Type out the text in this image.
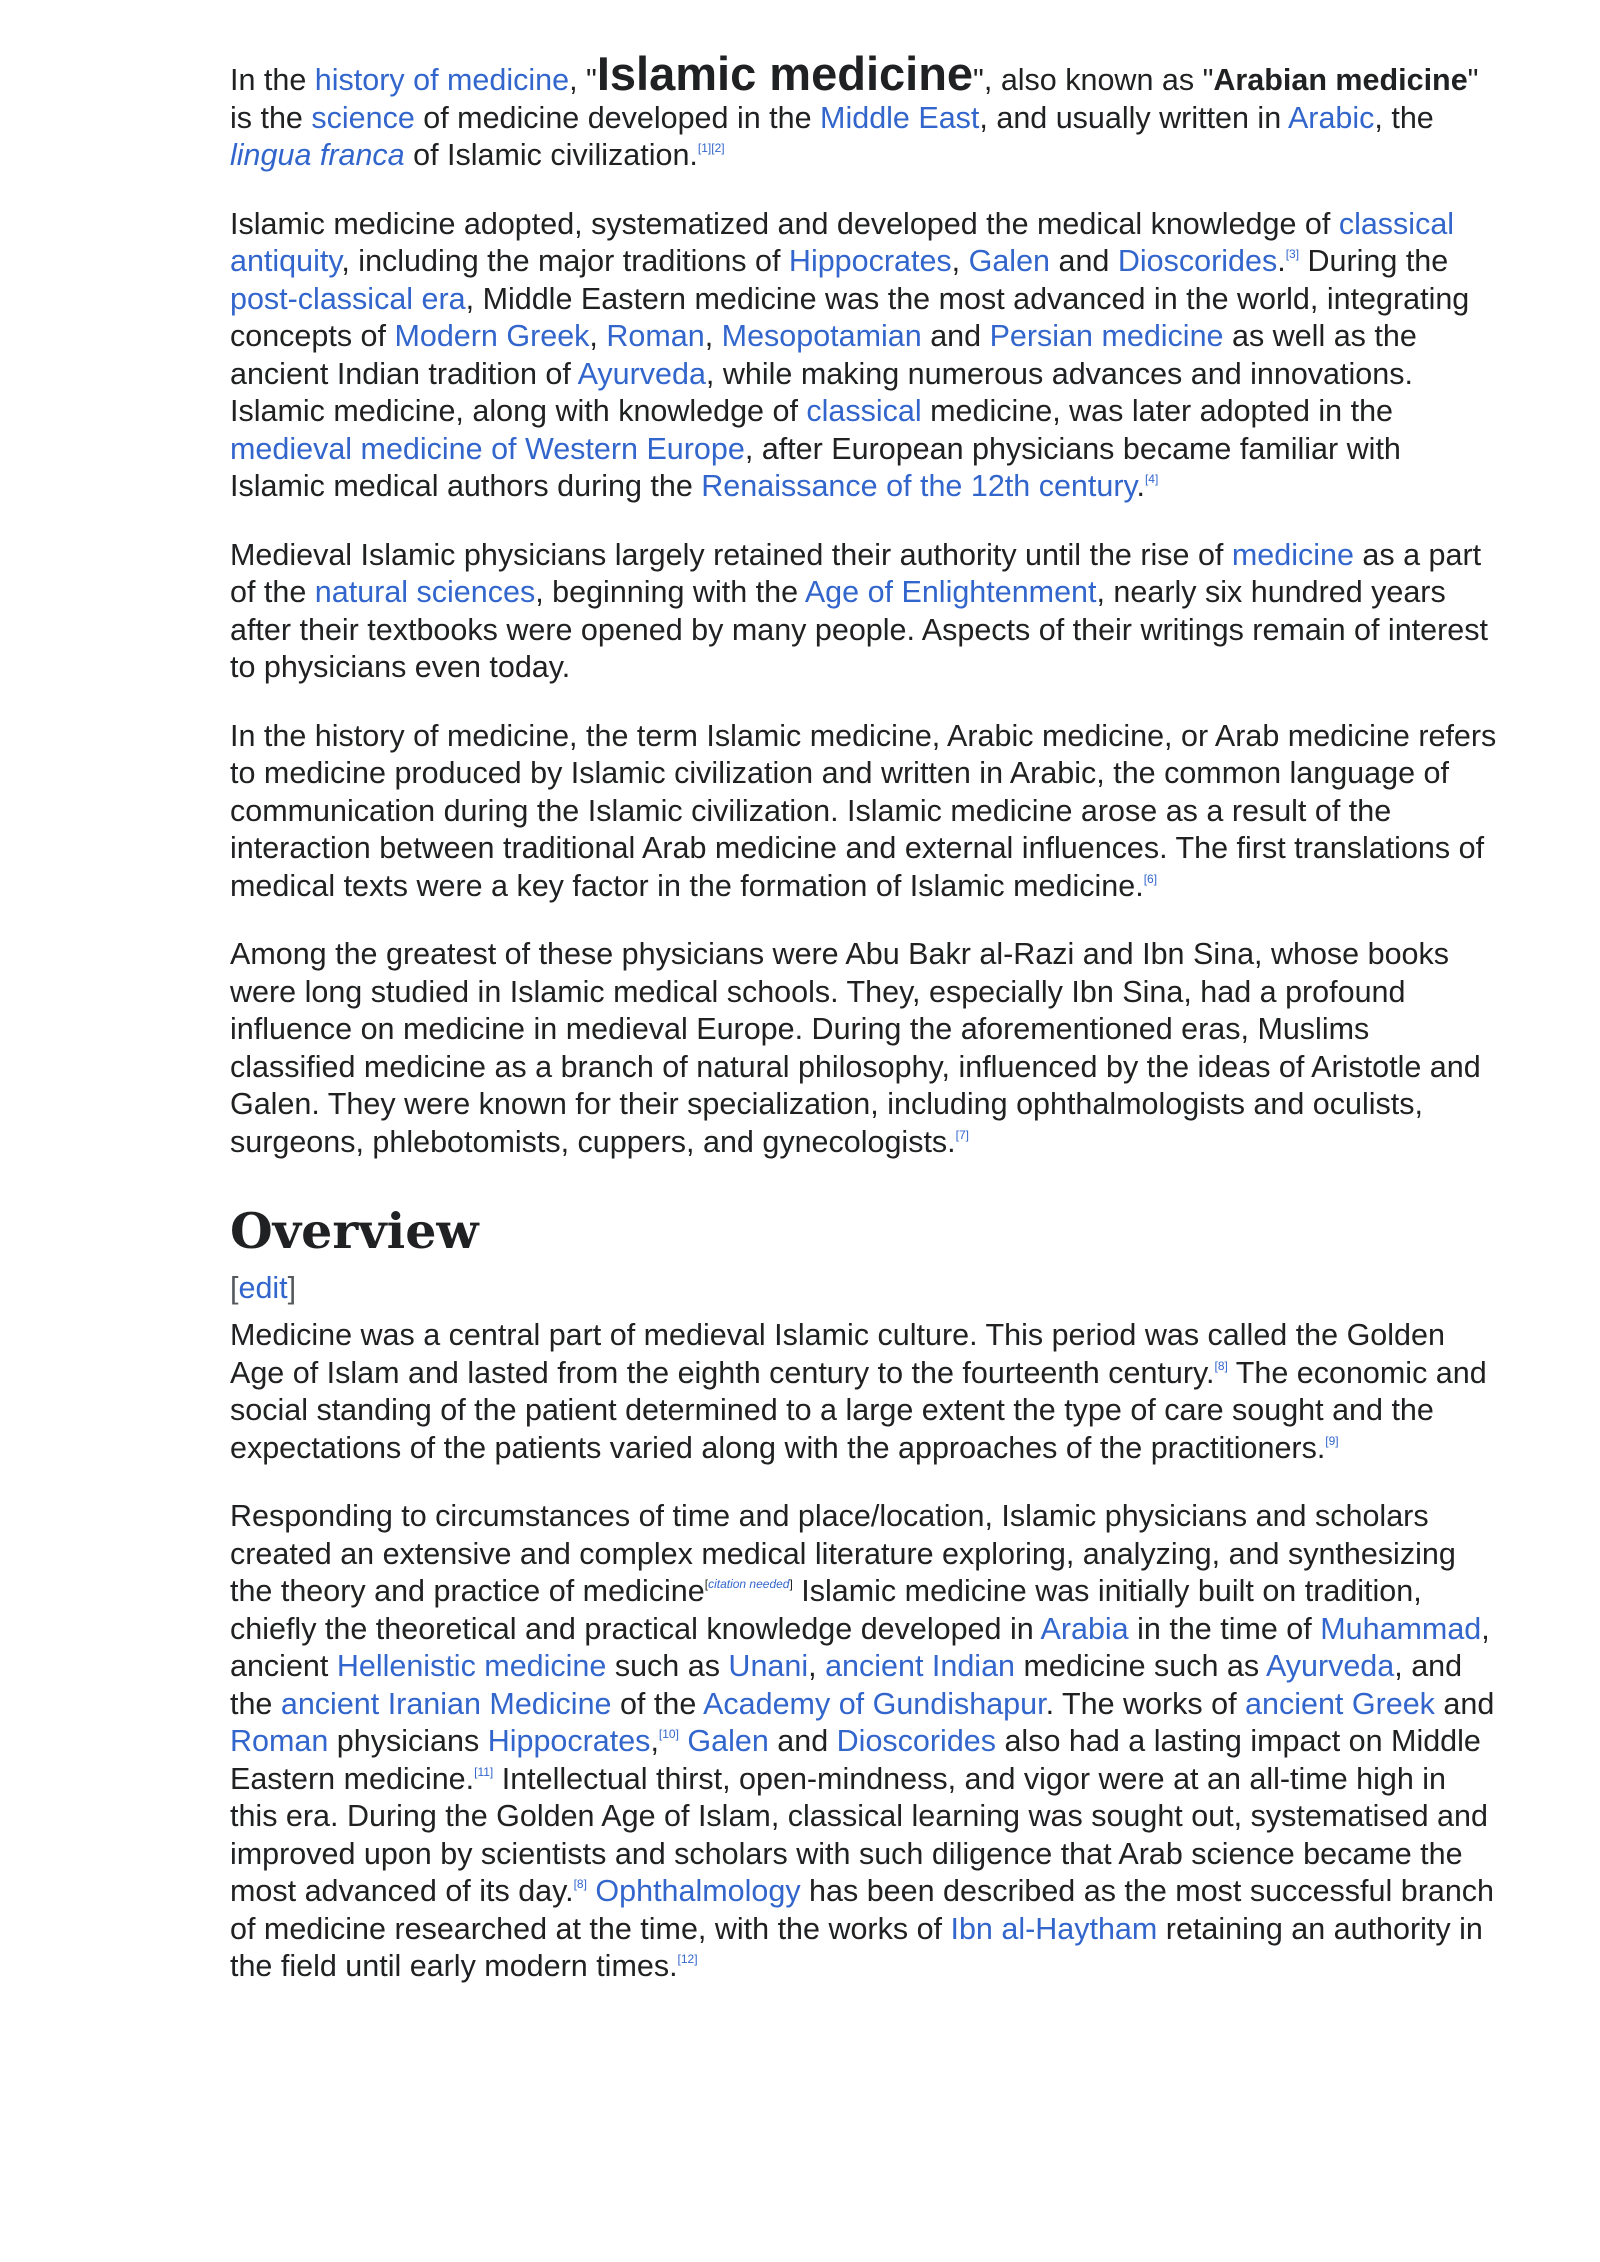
In the history of medicine, "Islamic medicine", also known as "Arabian medicine" is the science of medicine developed in the Middle East, and usually written in Arabic, the lingua franca of Islamic civilization.[1][2]

Islamic medicine adopted, systematized and developed the medical knowledge of classical antiquity, including the major traditions of Hippocrates, Galen and Dioscorides.[3] During the post-classical era, Middle Eastern medicine was the most advanced in the world, integrating concepts of Modern Greek, Roman, Mesopotamian and Persian medicine as well as the ancient Indian tradition of Ayurveda, while making numerous advances and innovations. Islamic medicine, along with knowledge of classical medicine, was later adopted in the medieval medicine of Western Europe, after European physicians became familiar with Islamic medical authors during the Renaissance of the 12th century.[4]

Medieval Islamic physicians largely retained their authority until the rise of medicine as a part of the natural sciences, beginning with the Age of Enlightenment, nearly six hundred years after their textbooks were opened by many people. Aspects of their writings remain of interest to physicians even today.

In the history of medicine, the term Islamic medicine, Arabic medicine, or Arab medicine refers to medicine produced by Islamic civilization and written in Arabic, the common language of communication during the Islamic civilization. Islamic medicine arose as a result of the interaction between traditional Arab medicine and external influences. The first translations of medical texts were a key factor in the formation of Islamic medicine.[6]

Among the greatest of these physicians were Abu Bakr al-Razi and Ibn Sina, whose books were long studied in Islamic medical schools. They, especially Ibn Sina, had a profound influence on medicine in medieval Europe. During the aforementioned eras, Muslims classified medicine as a branch of natural philosophy, influenced by the ideas of Aristotle and Galen. They were known for their specialization, including ophthalmologists and oculists, surgeons, phlebotomists, cuppers, and gynecologists.[7]

Overview
[edit]

Medicine was a central part of medieval Islamic culture. This period was called the Golden Age of Islam and lasted from the eighth century to the fourteenth century.[8] The economic and social standing of the patient determined to a large extent the type of care sought and the expectations of the patients varied along with the approaches of the practitioners.[9]

Responding to circumstances of time and place/location, Islamic physicians and scholars created an extensive and complex medical literature exploring, analyzing, and synthesizing the theory and practice of medicine[citation needed] Islamic medicine was initially built on tradition, chiefly the theoretical and practical knowledge developed in Arabia in the time of Muhammad, ancient Hellenistic medicine such as Unani, ancient Indian medicine such as Ayurveda, and the ancient Iranian Medicine of the Academy of Gundishapur. The works of ancient Greek and Roman physicians Hippocrates,[10] Galen and Dioscorides also had a lasting impact on Middle Eastern medicine.[11] Intellectual thirst, open-mindness, and vigor were at an all-time high in this era. During the Golden Age of Islam, classical learning was sought out, systematised and improved upon by scientists and scholars with such diligence that Arab science became the most advanced of its day.[8] Ophthalmology has been described as the most successful branch of medicine researched at the time, with the works of Ibn al-Haytham retaining an authority in the field until early modern times.[12]
